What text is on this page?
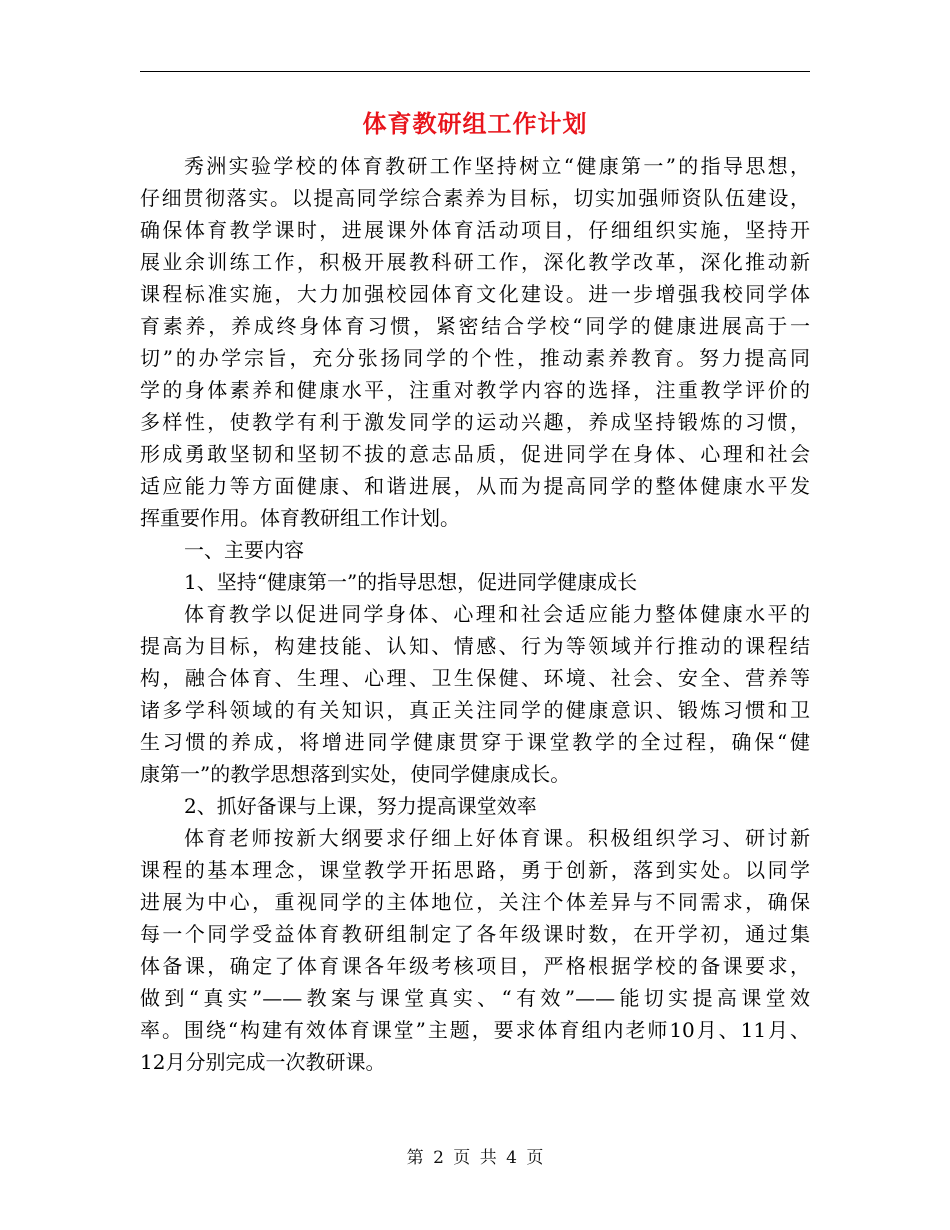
体育教研组工作计划
秀洲实验学校的体育教研工作坚持树立“健康第一”的指导思想，
仔细贯彻落实。以提高同学综合素养为目标，切实加强师资队伍建设，
确保体育教学课时，进展课外体育活动项目，仔细组织实施，坚持开
展业余训练工作，积极开展教科研工作，深化教学改革，深化推动新
课程标准实施，大力加强校园体育文化建设。进一步增强我校同学体
育素养，养成终身体育习惯，紧密结合学校“同学的健康进展高于一
切”的办学宗旨，充分张扬同学的个性，推动素养教育。努力提高同
学的身体素养和健康水平，注重对教学内容的选择，注重教学评价的
多样性，使教学有利于激发同学的运动兴趣，养成坚持锻炼的习惯，
形成勇敢坚韧和坚韧不拔的意志品质，促进同学在身体、心理和社会
适应能力等方面健康、和谐进展，从而为提高同学的整体健康水平发
挥重要作用。体育教研组工作计划。
一、主要内容
1、坚持“健康第一”的指导思想，促进同学健康成长
体育教学以促进同学身体、心理和社会适应能力整体健康水平的
提高为目标，构建技能、认知、情感、行为等领域并行推动的课程结
构，融合体育、生理、心理、卫生保健、环境、社会、安全、营养等
诸多学科领域的有关知识，真正关注同学的健康意识、锻炼习惯和卫
生习惯的养成，将增进同学健康贯穿于课堂教学的全过程，确保“健
康第一”的教学思想落到实处，使同学健康成长。
2、抓好备课与上课，努力提高课堂效率
体育老师按新大纲要求仔细上好体育课。积极组织学习、研讨新
课程的基本理念，课堂教学开拓思路，勇于创新，落到实处。以同学
进展为中心，重视同学的主体地位，关注个体差异与不同需求，确保
每一个同学受益体育教研组制定了各年级课时数，在开学初，通过集
体备课，确定了体育课各年级考核项目，严格根据学校的备课要求，
做到“真实”——教案与课堂真实、“有效”——能切实提高课堂效
率。围绕“构建有效体育课堂”主题，要求体育组内老师10月、11月、
12月分别完成一次教研课。
第 2 页 共 4 页
